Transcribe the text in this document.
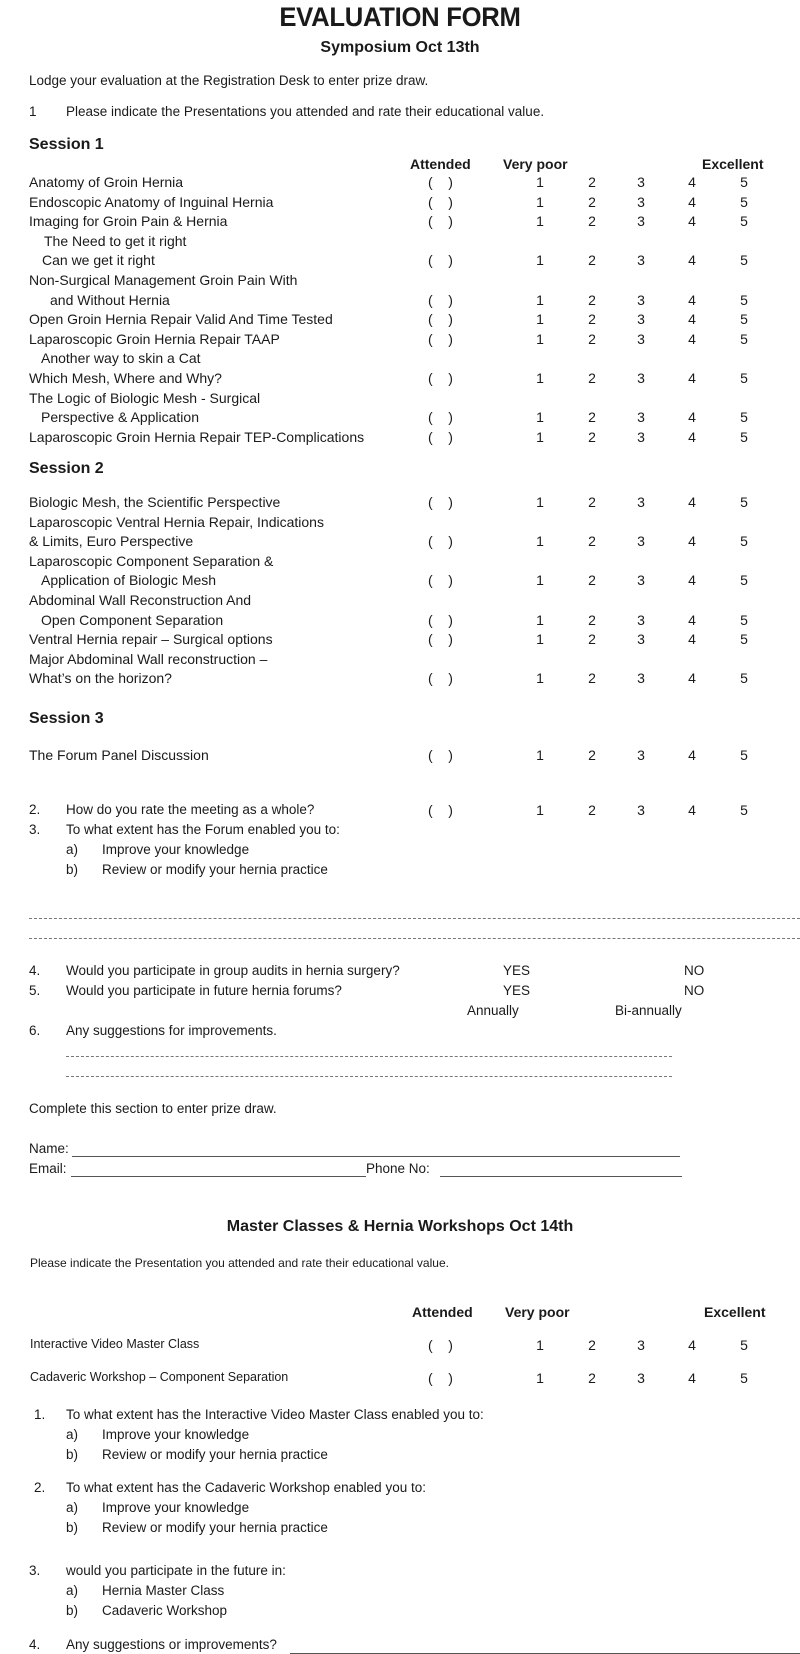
EVALUATION FORM
Symposium Oct 13th
Lodge your evaluation at the Registration Desk to enter prize draw.
1 Please indicate the Presentations you attended and rate their educational value.
Session 1
Attended Very poor	Excellent
Anatomy of Groin Hernia	(    )	1	2	3	4	5
Endoscopic Anatomy of Inguinal Hernia	(    )	1	2	3	4	5
Imaging for Groin Pain & Hernia	(    )	1	2	3	4	5
The Need to get it right
Can we get it right	(    )	1	2	3	4	5
Non-Surgical Management Groin Pain With
and Without Hernia	(    )	1	2	3	4	5
Open Groin Hernia Repair Valid And Time Tested	(    )	1	2	3	4	5
Laparoscopic Groin Hernia Repair TAAP	(    )	1	2	3	4	5
Another way to skin a Cat
Which Mesh, Where and Why?	(    )	1	2	3	4	5
The Logic of Biologic Mesh - Surgical
Perspective & Application	(    )	1	2	3	4	5
Laparoscopic Groin Hernia Repair TEP-Complications	(    )	1	2	3	4	5
Session 2
Biologic Mesh, the Scientific Perspective	(    )	1	2	3	4	5
Laparoscopic Ventral Hernia Repair, Indications
& Limits, Euro Perspective	(    )	1	2	3	4	5
Laparoscopic Component Separation &
Application of Biologic Mesh	(    )	1	2	3	4	5
Abdominal Wall Reconstruction And
Open Component Separation	(    )	1	2	3	4	5
Ventral Hernia repair – Surgical options	(    )	1	2	3	4	5
Major Abdominal Wall reconstruction –
What’s on the horizon?	(    )	1	2	3	4	5
Session 3
The Forum Panel Discussion	(    )	1	2	3	4	5
2. How do you rate the meeting as a whole?	(    )	1	2	3	4	5
3. To what extent has the Forum enabled you to:
a) Improve your knowledge
b) Review or modify your hernia practice
4. Would you participate in group audits in hernia surgery?	YES	NO
5. Would you participate in future hernia forums?	YES	NO
Annually	Bi-annually
6. Any suggestions for improvements.
Complete this section to enter prize draw.
Name:
Email:	Phone No:
Master Classes & Hernia Workshops Oct 14th
Please indicate the Presentation you attended and rate their educational value.
Attended Very poor	Excellent
Interactive Video Master Class	(    )	1	2	3	4	5
Cadaveric Workshop – Component Separation	(    )	1	2	3	4	5
1. To what extent has the Interactive Video Master Class enabled you to:
a) Improve your knowledge
b) Review or modify your hernia practice
2. To what extent has the Cadaveric Workshop enabled you to:
a) Improve your knowledge
b) Review or modify your hernia practice
3. would you participate in the future in:
a) Hernia Master Class
b) Cadaveric Workshop
4. Any suggestions or improvements?
